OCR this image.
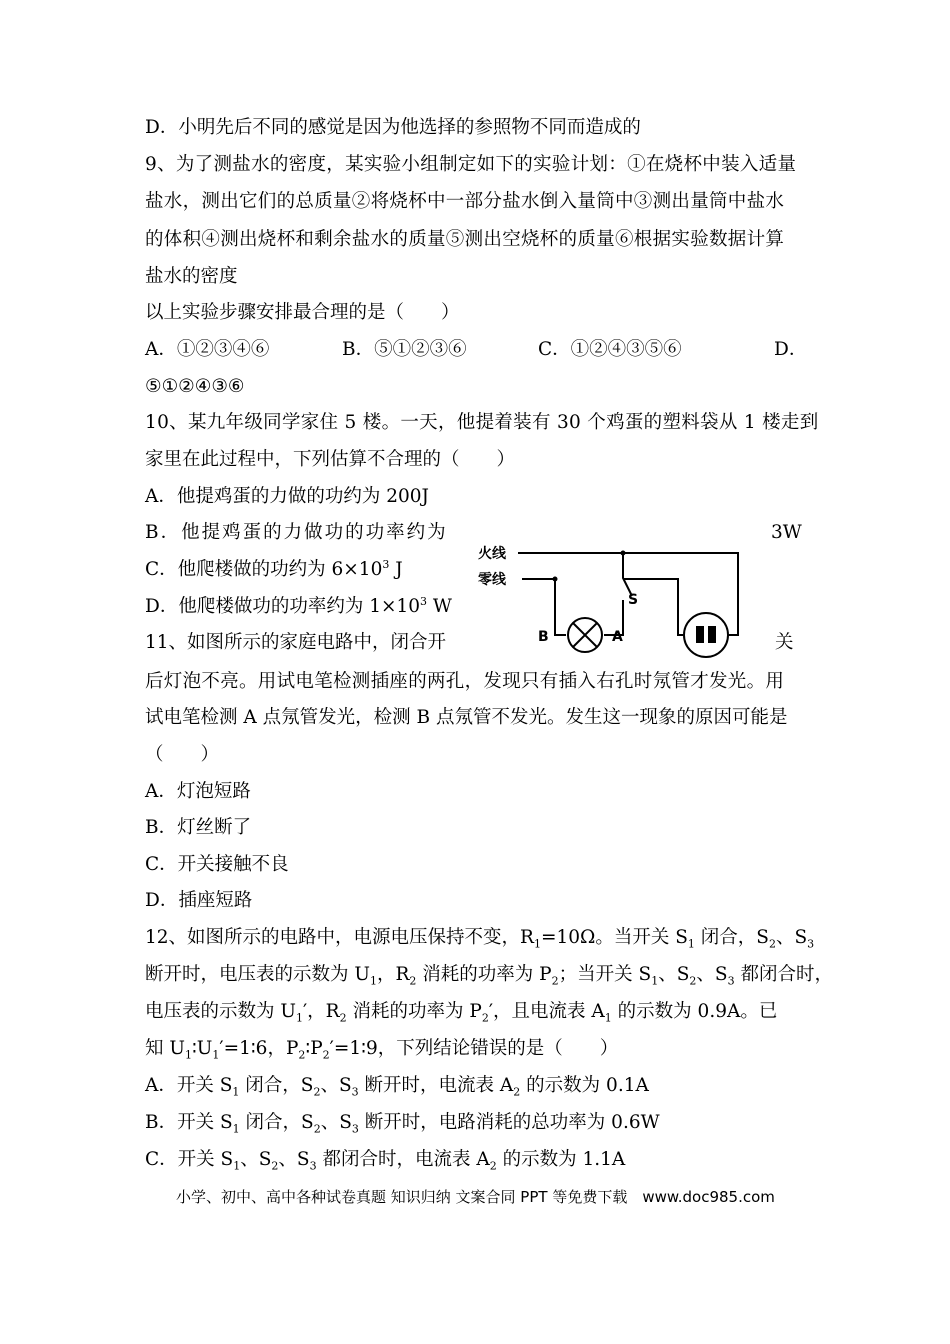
D．小明先后不同的感觉是因为他选择的参照物不同而造成的
9、为了测盐水的密度，某实验小组制定如下的实验计划：①在烧杯中装入适量
盐水，测出它们的总质量②将烧杯中一部分盐水倒入量筒中③测出量筒中盐水
的体积④测出烧杯和剩余盐水的质量⑤测出空烧杯的质量⑥根据实验数据计算
盐水的密度
以上实验步骤安排最合理的是（　　）
A．①②③④⑥	B．⑤①②③⑥	C．①②④③⑤⑥	D．
⑤①②④③⑥
10、某九年级同学家住 5 楼。一天，他提着装有 30 个鸡蛋的塑料袋从 1 楼走到
家里在此过程中，下列估算不合理的（　　）
A．他提鸡蛋的力做的功约为 200J
B．他提鸡蛋的力做功的功率约为	3W
C．他爬楼做的功约为 $6\times 10^3$ J
D．他爬楼做功的功率约为 $1\times 10^3$ W
火线
零线
S
A
B
11、如图所示的家庭电路中，闭合开	关
后灯泡不亮。用试电笔检测插座的两孔，发现只有插入右孔时氖管才发光。用
试电笔检测 A 点氖管发光，检测 B 点氖管不发光。发生这一现象的原因可能是
（　　）
A．灯泡短路
B．灯丝断了
C．开关接触不良
D．插座短路
12、如图所示的电路中，电源电压保持不变，$R_1=10\Omega$。当开关 $S_1$ 闭合，$S_2$、$S_3$
断开时，电压表的示数为 $U_1$，$R_2$ 消耗的功率为 $P_2$；当开关 $S_1$、$S_2$、$S_3$ 都闭合时，
电压表的示数为 $U_1'$，$R_2$ 消耗的功率为 $P_2'$，且电流表 $A_1$ 的示数为 0.9A。已
知 $U_1∶U_1'=1∶6$，$P_2∶P_2'=1∶9$，下列结论错误的是（　　）
A．开关 $S_1$ 闭合，$S_2$、$S_3$ 断开时，电流表 $A_2$ 的示数为 0.1A
B．开关 $S_1$ 闭合，$S_2$、$S_3$ 断开时，电路消耗的总功率为 0.6W
C．开关 $S_1$、$S_2$、$S_3$ 都闭合时，电流表 $A_2$ 的示数为 1.1A
小学、初中、高中各种试卷真题 知识归纳 文案合同 PPT 等免费下载　www.doc985.com
